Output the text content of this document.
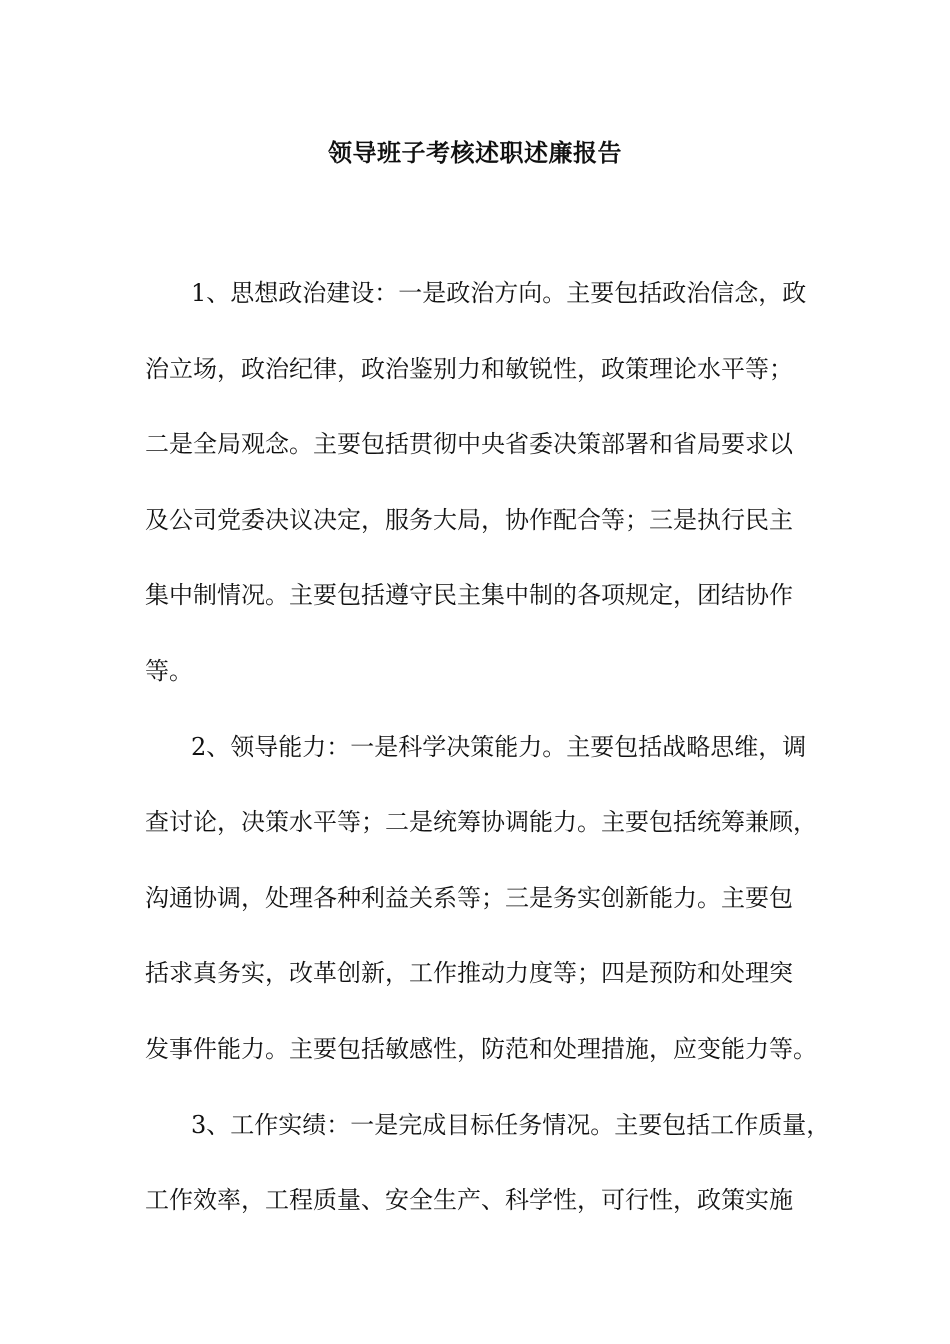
领导班子考核述职述廉报告
1、思想政治建设：一是政治方向。主要包括政治信念，政
治立场，政治纪律，政治鉴别力和敏锐性，政策理论水平等；
二是全局观念。主要包括贯彻中央省委决策部署和省局要求以
及公司党委决议决定，服务大局，协作配合等；三是执行民主
集中制情况。主要包括遵守民主集中制的各项规定，团结协作
等。
2、领导能力：一是科学决策能力。主要包括战略思维，调
查讨论，决策水平等；二是统筹协调能力。主要包括统筹兼顾，
沟通协调，处理各种利益关系等；三是务实创新能力。主要包
括求真务实，改革创新，工作推动力度等；四是预防和处理突
发事件能力。主要包括敏感性，防范和处理措施，应变能力等。
3、工作实绩：一是完成目标任务情况。主要包括工作质量，
工作效率，工程质量、安全生产、科学性，可行性，政策实施
